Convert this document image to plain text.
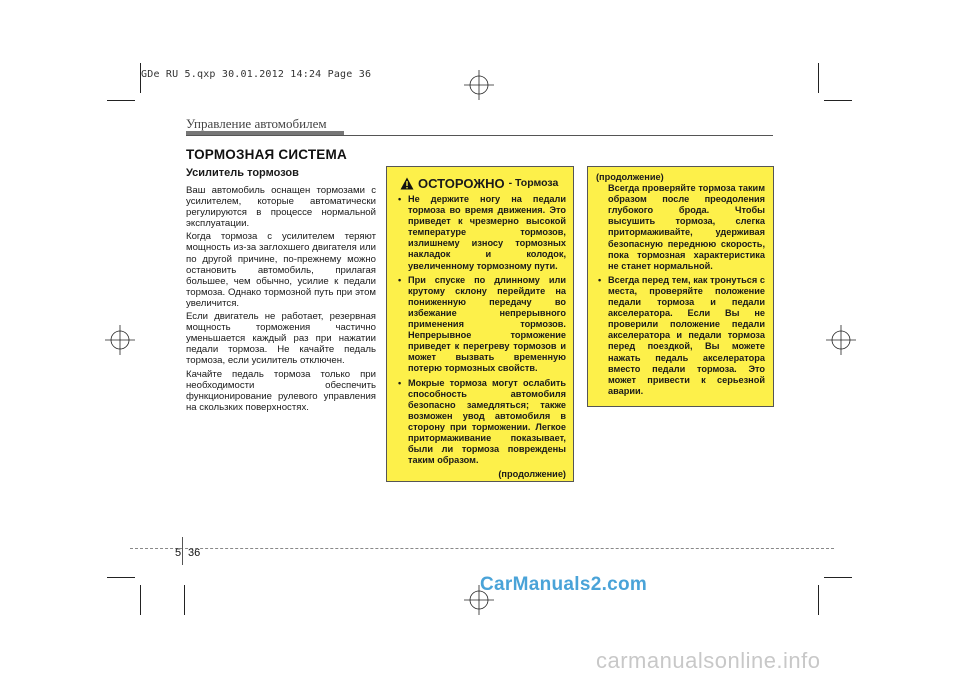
GDe RU 5.qxp 30.01.2012 14:24 Page 36
Управление автомобилем
ТОРМОЗНАЯ СИСТЕМА
Усилитель тормозов

Ваш автомобиль оснащен тормозами с усилителем, которые автоматически регулируются в процессе нормальной эксплуатации.

Когда тормоза с усилителем теряют мощность из-за заглохшего двигателя или по другой причине, по-прежнему можно остановить автомобиль, прилагая большее, чем обычно, усилие к педали тормоза. Однако тормозной путь при этом увеличится.

Если двигатель не работает, резервная мощность торможения частично уменьшается каждый раз при нажатии педали тормоза. Не качайте педаль тормоза, если усилитель отключен.

Качайте педаль тормоза только при необходимости обеспечить функционирование рулевого управления на скользких поверхностях.

ОСТОРОЖНО - Тормоза
• Не держите ногу на педали тормоза во время движения. Это приведет к чрезмерно высокой температуре тормозов, излишнему износу тормозных накладок и колодок, увеличенному тормозному пути.
• При спуске по длинному или крутому склону перейдите на пониженную передачу во избежание непрерывного применения тормозов. Непрерывное торможение приведет к перегреву тормозов и может вызвать временную потерю тормозных свойств.
• Мокрые тормоза могут ослабить способность автомобиля безопасно замедляться; также возможен увод автомобиля в сторону при торможении. Легкое притормаживание показывает, были ли тормоза повреждены таким образом.
(продолжение)
(продолжение)
Всегда проверяйте тормоза таким образом после преодоления глубокого брода. Чтобы высушить тормоза, слегка притормаживайте, удерживая безопасную переднюю скорость, пока тормозная характеристика не станет нормальной.
• Всегда перед тем, как тронуться с места, проверяйте положение педали тормоза и педали акселератора. Если Вы не проверили положение педали акселератора и педали тормоза перед поездкой, Вы можете нажать педаль акселератора вместо педали тормоза. Это может привести к серьезной аварии.
5 36
CarManuals2.com
carmanualsonline.info
